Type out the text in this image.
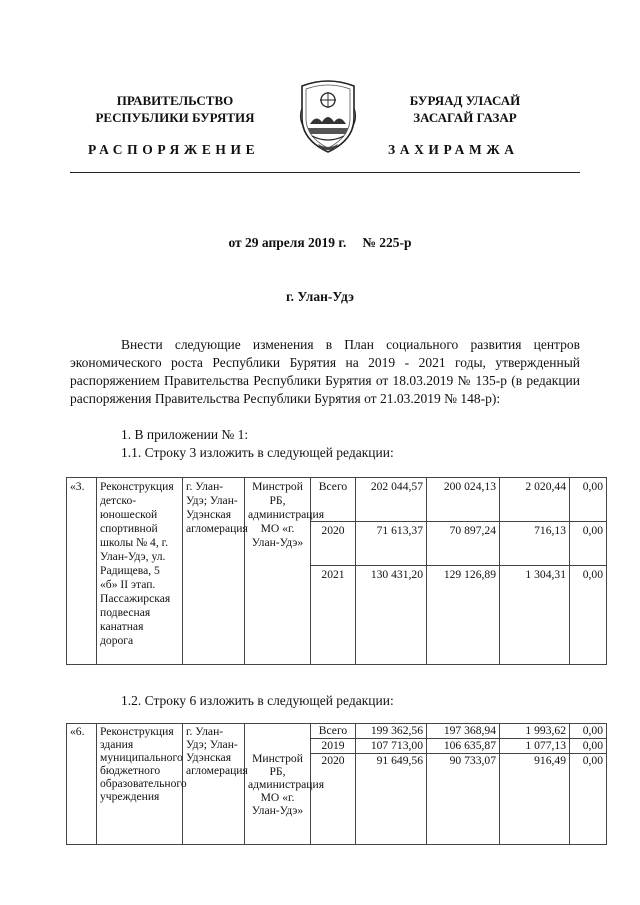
ПРАВИТЕЛЬСТВО
РЕСПУБЛИКИ БУРЯТИЯ
БУРЯАД УЛАСАЙ
ЗАСАГАЙ ГАЗАР
РАСПОРЯЖЕНИЕ	ЗАХИРАМЖА
от 29 апреля 2019 г. № 225-р
г. Улан-Удэ

Внести следующие изменения в План социального развития центров экономического роста Республики Бурятия на 2019 - 2021 годы, утвержденный распоряжением Правительства Республики Бурятия от 18.03.2019 № 135-р (в редакции распоряжения Правительства Республики Бурятия от 21.03.2019 № 148-р):

1. В приложении № 1:
1.1. Строку 3 изложить в следующей редакции:
«3.	Реконструкция детско-юношеской спортивной школы № 4, г. Улан-Удэ, ул. Радищева, 5 «б» II этап. Пассажирская подвесная канатная дорога	г. Улан-Удэ; Улан-Удэнская агломерация	Минстрой РБ, администрация МО «г. Улан-Удэ»	Всего	202 044,57	200 024,13	2 020,44	0,00
				2020	71 613,37	70 897,24	716,13	0,00
				2021	130 431,20	129 126,89	1 304,31	0,00
1.2. Строку 6 изложить в следующей редакции:
«6.	Реконструкция здания муниципального бюджетного образовательного учреждения	г. Улан-Удэ; Улан-Удэнская агломерация	Минстрой РБ, администрация МО «г. Улан-Удэ»	Всего	199 362,56	197 368,94	1 993,62	0,00
				2019	107 713,00	106 635,87	1 077,13	0,00
				2020	91 649,56	90 733,07	916,49	0,00
